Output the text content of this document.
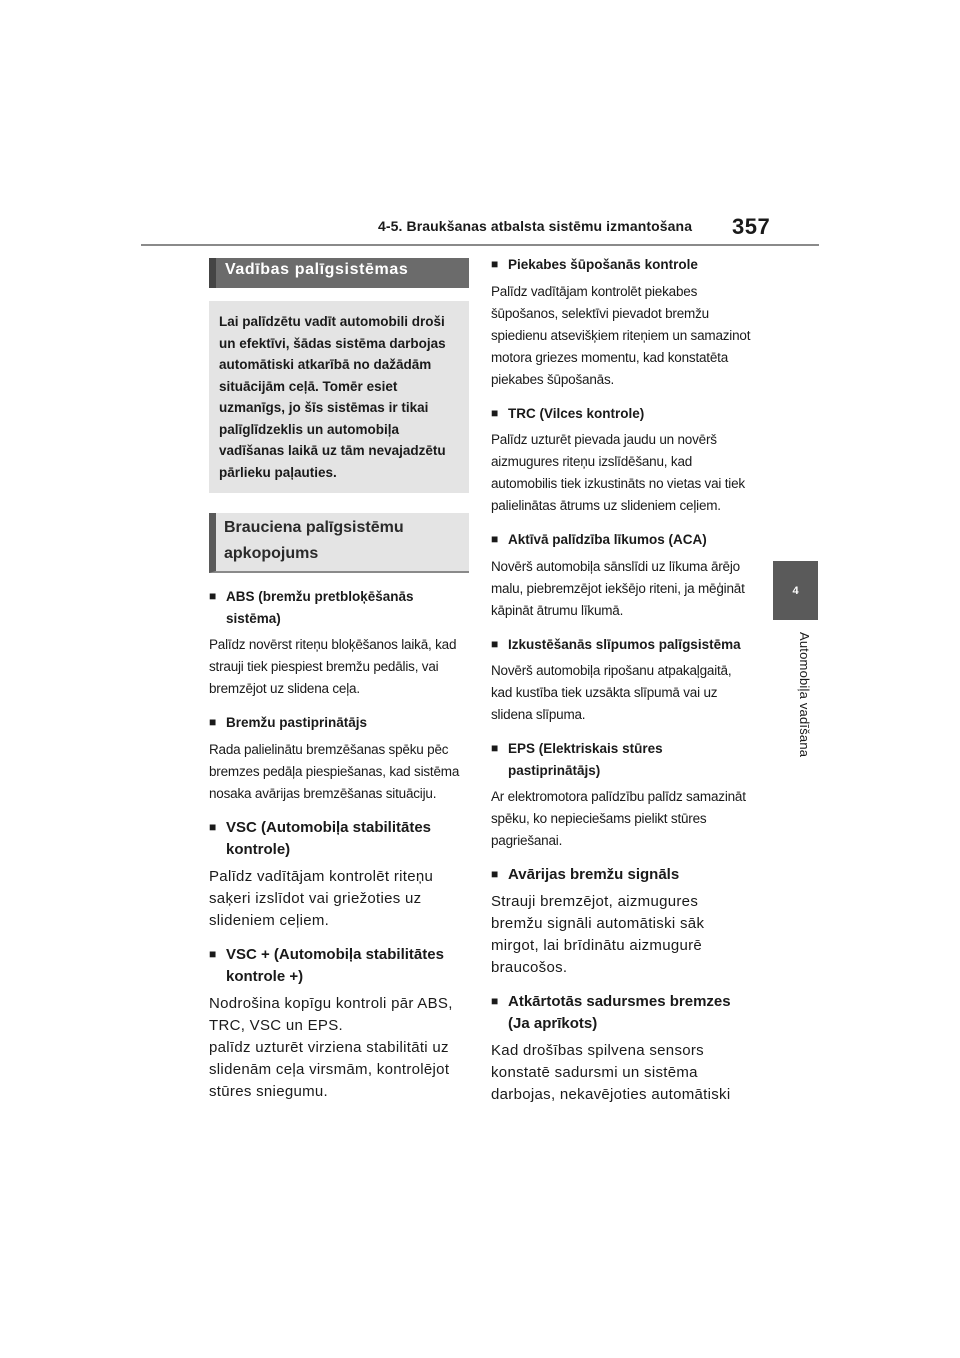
4-5. Braukšanas atbalsta sistēmu izmantošana 357
4
Automobiļa vadīšana
Vadības palīgsistēmas
Lai palīdzētu vadīt automobili droši un efektīvi, šādas sistēma darbojas automātiski atkarībā no dažādām situācijām ceļā. Tomēr esiet uzmanīgs, jo šīs sistēmas ir tikai palīglīdzeklis un automobiļa vadīšanas laikā uz tām nevajadzētu pārlieku paļauties.
Brauciena palīgsistēmu apkopojums
■ ABS (bremžu pretbloķēšanās sistēma)
Palīdz novērst riteņu bloķēšanos laikā, kad strauji tiek piespiest bremžu pedālis, vai bremzējot uz slidena ceļa.
■ Bremžu pastiprinātājs
Rada palielinātu bremzēšanas spēku pēc bremzes pedāļa piespiešanas, kad sistēma nosaka avārijas bremzēšanas situāciju.
■ VSC (Automobiļa stabilitātes kontrole)
Palīdz vadītājam kontrolēt riteņu saķeri izslīdot vai griežoties uz slideniem ceļiem.
■ VSC + (Automobiļa stabilitātes kontrole +)
Nodrošina kopīgu kontroli pār ABS, TRC, VSC un EPS.
palīdz uzturēt virziena stabilitāti uz slidenām ceļa virsmām, kontrolējot stūres sniegumu.
■ Piekabes šūpošanās kontrole
Palīdz vadītājam kontrolēt piekabes šūpošanos, selektīvi pievadot bremžu spiedienu atsevišķiem riteņiem un samazinot motora griezes momentu, kad konstatēta piekabes šūpošanās.
■ TRC (Vilces kontrole)
Palīdz uzturēt pievada jaudu un novērš aizmugures riteņu izslīdēšanu, kad automobilis tiek izkustināts no vietas vai tiek palielinātas ātrums uz slideniem ceļiem.
■ Aktīvā palīdzība līkumos (ACA)
Novērš automobiļa sānslīdi uz līkuma ārējo malu, piebremzējot iekšējo riteni, ja mēģināt kāpināt ātrumu līkumā.
■ Izkustēšanās slīpumos palīgsistēma
Novērš automobiļa ripošanu atpakaļgaitā, kad kustība tiek uzsākta slīpumā vai uz slidena slīpuma.
■ EPS (Elektriskais stūres pastiprinātājs)
Ar elektromotora palīdzību palīdz samazināt spēku, ko nepieciešams pielikt stūres pagriešanai.
■ Avārijas bremžu signāls
Strauji bremzējot, aizmugures bremžu signāli automātiski sāk mirgot, lai brīdinātu aizmugurē braucošos.
■ Atkārtotās sadursmes bremzes (Ja aprīkots)
Kad drošības spilvena sensors konstatē sadursmi un sistēma darbojas, nekavējoties automātiski
